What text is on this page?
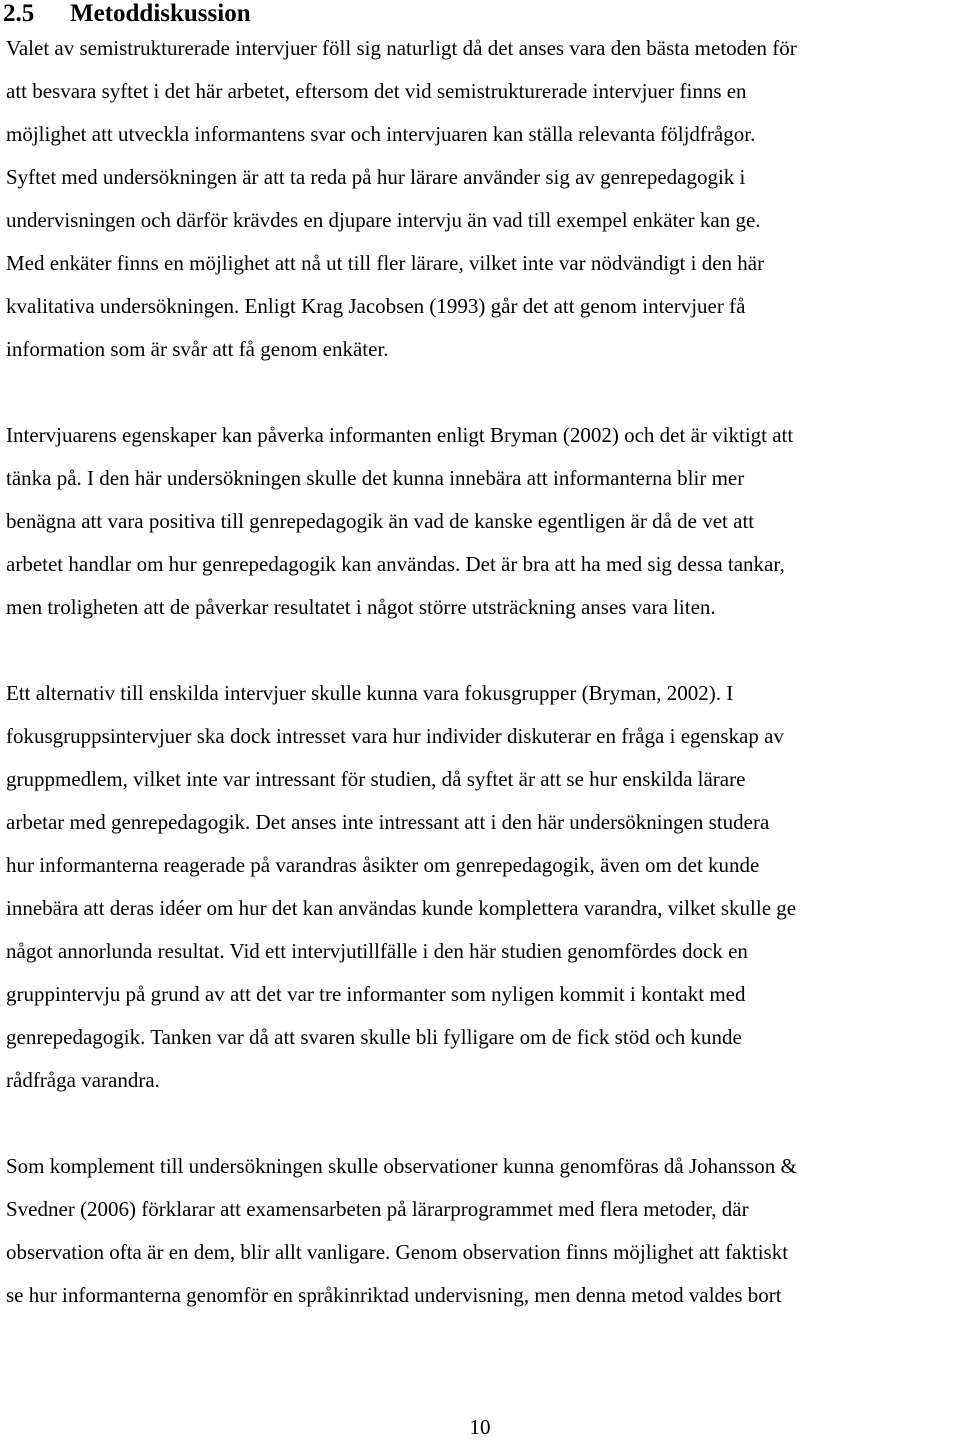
2.5 Metoddiskussion

Valet av semistrukturerade intervjuer föll sig naturligt då det anses vara den bästa metoden för

att besvara syftet i det här arbetet, eftersom det vid semistrukturerade intervjuer finns en

möjlighet att utveckla informantens svar och intervjuaren kan ställa relevanta följdfrågor.

Syftet med undersökningen är att ta reda på hur lärare använder sig av genrepedagogik i

undervisningen och därför krävdes en djupare intervju än vad till exempel enkäter kan ge.

Med enkäter finns en möjlighet att nå ut till fler lärare, vilket inte var nödvändigt i den här

kvalitativa undersökningen. Enligt Krag Jacobsen (1993) går det att genom intervjuer få

information som är svår att få genom enkäter.

Intervjuarens egenskaper kan påverka informanten enligt Bryman (2002) och det är viktigt att

tänka på. I den här undersökningen skulle det kunna innebära att informanterna blir mer

benägna att vara positiva till genrepedagogik än vad de kanske egentligen är då de vet att

arbetet handlar om hur genrepedagogik kan användas. Det är bra att ha med sig dessa tankar,

men troligheten att de påverkar resultatet i något större utsträckning anses vara liten.

Ett alternativ till enskilda intervjuer skulle kunna vara fokusgrupper (Bryman, 2002). I

fokusgruppsintervjuer ska dock intresset vara hur individer diskuterar en fråga i egenskap av

gruppmedlem, vilket inte var intressant för studien, då syftet är att se hur enskilda lärare

arbetar med genrepedagogik. Det anses inte intressant att i den här undersökningen studera

hur informanterna reagerade på varandras åsikter om genrepedagogik, även om det kunde

innebära att deras idéer om hur det kan användas kunde komplettera varandra, vilket skulle ge

något annorlunda resultat. Vid ett intervjutillfälle i den här studien genomfördes dock en

gruppintervju på grund av att det var tre informanter som nyligen kommit i kontakt med

genrepedagogik. Tanken var då att svaren skulle bli fylligare om de fick stöd och kunde

rådfråga varandra.

Som komplement till undersökningen skulle observationer kunna genomföras då Johansson &

Svedner (2006) förklarar att examensarbeten på lärarprogrammet med flera metoder, där

observation ofta är en dem, blir allt vanligare. Genom observation finns möjlighet att faktiskt

se hur informanterna genomför en språkinriktad undervisning, men denna metod valdes bort

10
